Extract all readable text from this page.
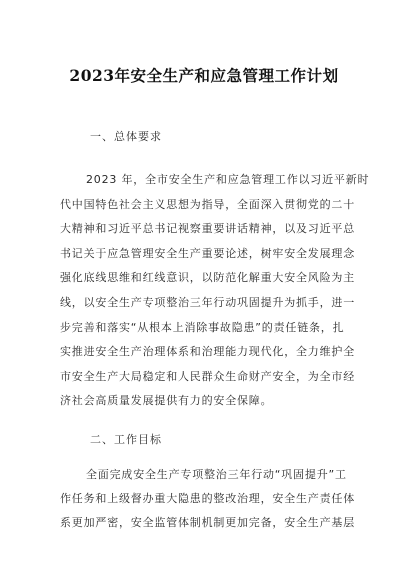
2023年安全生产和应急管理工作计划
一、总体要求
2023 年，全市安全生产和应急管理工作以习近平新时
代中国特色社会主义思想为指导，全面深入贯彻党的二十
大精神和习近平总书记视察重要讲话精神，以及习近平总
书记关于应急管理安全生产重要论述，树牢安全发展理念
强化底线思维和红线意识，以防范化解重大安全风险为主
线，以安全生产专项整治三年行动巩固提升为抓手，进一
步完善和落实“从根本上消除事故隐患”的责任链条，扎
实推进安全生产治理体系和治理能力现代化，全力维护全
市安全生产大局稳定和人民群众生命财产安全，为全市经
济社会高质量发展提供有力的安全保障。
二、工作目标
全面完成安全生产专项整治三年行动“巩固提升”工
作任务和上级督办重大隐患的整改治理，安全生产责任体
系更加严密，安全监管体制机制更加完备，安全生产基层
